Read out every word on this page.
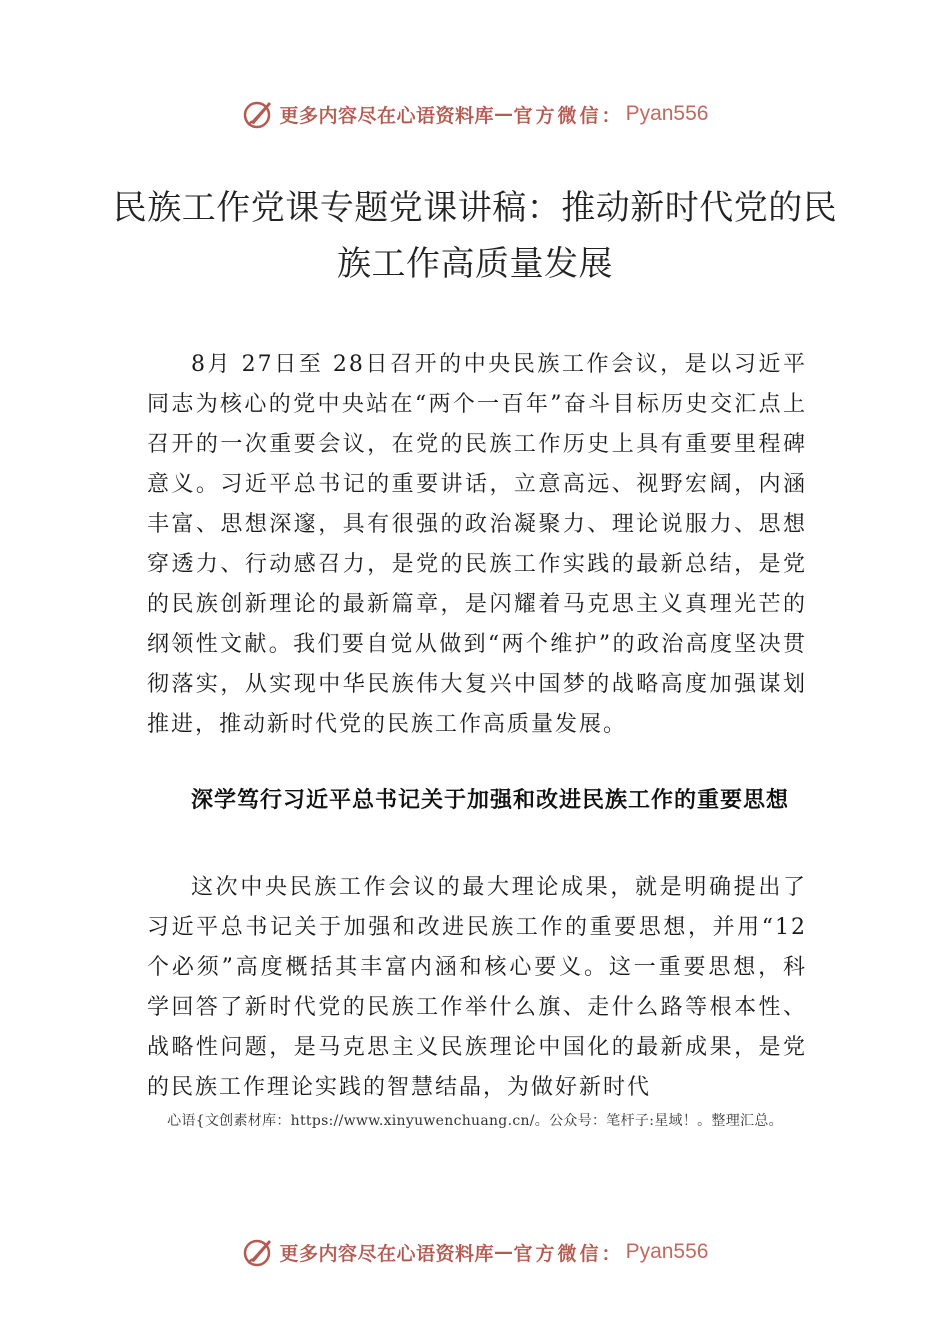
更多内容尽在心语资料库 — 官方微信： Pyan556
民族工作党课专题党课讲稿：推动新时代党的民族工作高质量发展

8月 27日至 28日召开的中央民族工作会议，是以习近平同志为核心的党中央站在“两个一百年”奋斗目标历史交汇点上召开的一次重要会议，在党的民族工作历史上具有重要里程碑意义。习近平总书记的重要讲话，立意高远、视野宏阔，内涵丰富、思想深邃，具有很强的政治凝聚力、理论说服力、思想穿透力、行动感召力，是党的民族工作实践的最新总结，是党的民族创新理论的最新篇章，是闪耀着马克思主义真理光芒的纲领性文献。我们要自觉从做到“两个维护”的政治高度坚决贯彻落实，从实现中华民族伟大复兴中国梦的战略高度加强谋划推进，推动新时代党的民族工作高质量发展。

深学笃行习近平总书记关于加强和改进民族工作的重要思想

这次中央民族工作会议的最大理论成果，就是明确提出了习近平总书记关于加强和改进民族工作的重要思想，并用“12个必须”高度概括其丰富内涵和核心要义。这一重要思想，科学回答了新时代党的民族工作举什么旗、走什么路等根本性、战略性问题，是马克思主义民族理论中国化的最新成果，是党的民族工作理论实践的智慧结晶，为做好新时代

心语{文创素材库：https://www.xinyuwenchuang.cn/。公众号：笔杆子:星域！。整理汇总。
更多内容尽在心语资料库 — 官方微信： Pyan556
